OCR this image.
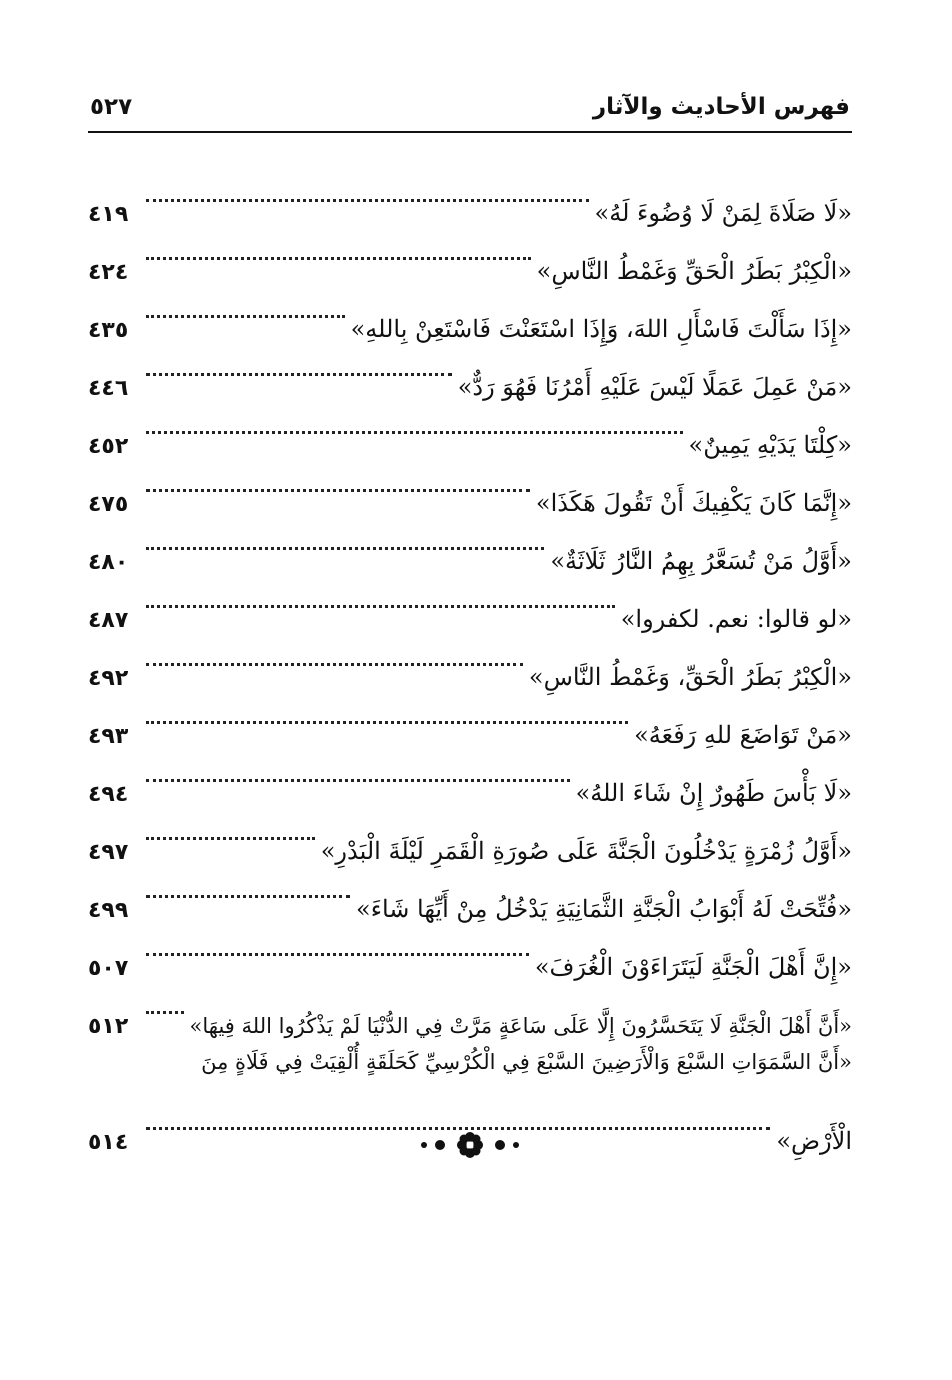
فهرس الأحاديث والآثار
٥٢٧
«لَا صَلَاةَ لِمَنْ لَا وُضُوءَ لَهُ»
٤١٩
«الْكِبْرُ بَطَرُ الْحَقِّ وَغَمْطُ النَّاسِ»
٤٢٤
«إِذَا سَأَلْتَ فَاسْأَلِ اللهَ، وَإِذَا اسْتَعَنْتَ فَاسْتَعِنْ بِاللهِ»
٤٣٥
«مَنْ عَمِلَ عَمَلًا لَيْسَ عَلَيْهِ أَمْرُنَا فَهُوَ رَدٌّ»
٤٤٦
«كِلْتَا يَدَيْهِ يَمِينٌ»
٤٥٢
«إِنَّمَا كَانَ يَكْفِيكَ أَنْ تَقُولَ هَكَذَا»
٤٧٥
«أَوَّلُ مَنْ تُسَعَّرُ بِهِمُ النَّارُ ثَلَاثَةٌ»
٤٨٠
«لو قالوا: نعم. لكفروا»
٤٨٧
«الْكِبْرُ بَطَرُ الْحَقِّ، وَغَمْطُ النَّاسِ»
٤٩٢
«مَنْ تَوَاضَعَ للهِ رَفَعَهُ»
٤٩٣
«لَا بَأْسَ طَهُورٌ إِنْ شَاءَ اللهُ»
٤٩٤
«أَوَّلُ زُمْرَةٍ يَدْخُلُونَ الْجَنَّةَ عَلَى صُورَةِ الْقَمَرِ لَيْلَةَ الْبَدْرِ»
٤٩٧
«فُتِّحَتْ لَهُ أَبْوَابُ الْجَنَّةِ الثَّمَانِيَةِ يَدْخُلُ مِنْ أَيِّهَا شَاءَ»
٤٩٩
«إِنَّ أَهْلَ الْجَنَّةِ لَيَتَرَاءَوْنَ الْغُرَفَ»
٥٠٧
«أَنَّ أَهْلَ الْجَنَّةِ لَا يَتَحَسَّرُونَ إِلَّا عَلَى سَاعَةٍ مَرَّتْ فِي الدُّنْيَا لَمْ يَذْكُرُوا اللهَ فِيهَا»
٥١٢
«أَنَّ السَّمَوَاتِ السَّبْعَ وَالْأَرَضِينَ السَّبْعَ فِي الْكُرْسِيِّ كَحَلَقَةٍ أُلْقِيَتْ فِي فَلَاةٍ مِنَ
الْأَرْضِ»
٥١٤
